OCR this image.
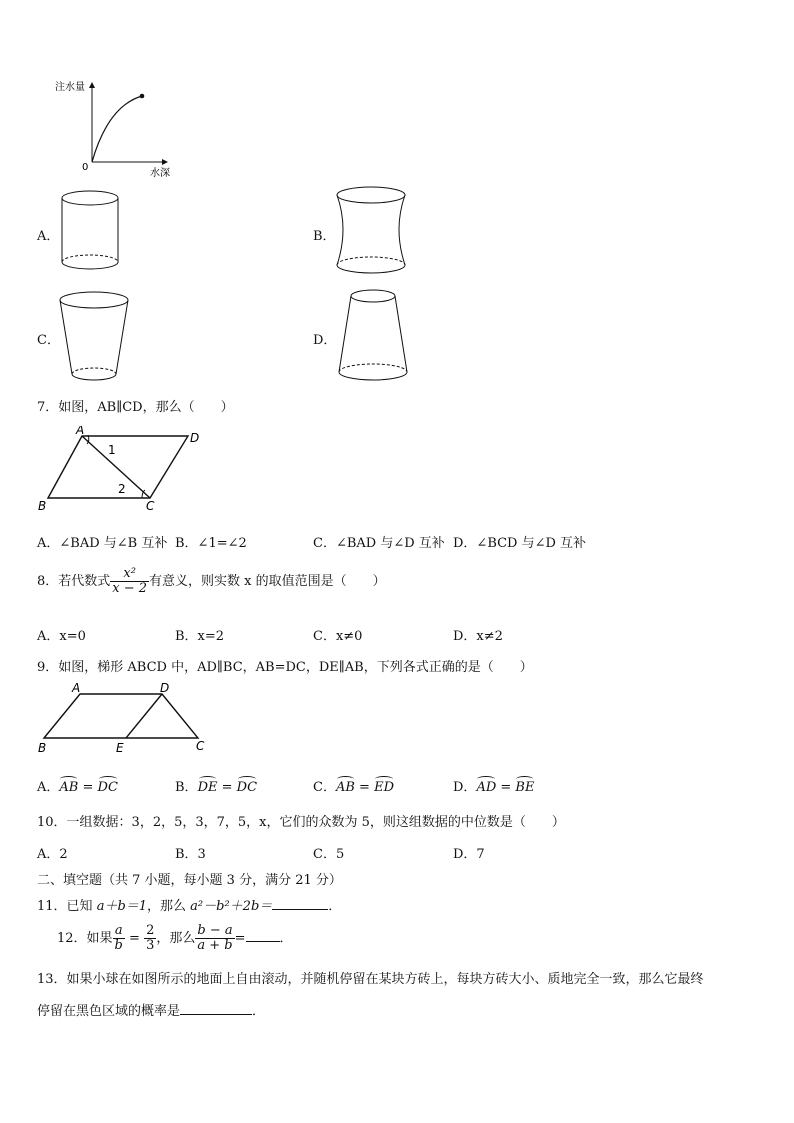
注水量
水深
0
A．	B．
C．	D．
7．如图，AB∥CD，那么（　　）
A
B	C
D
1
2
A．∠BAD 与∠B 互补 B．∠1=∠2	C．∠BAD 与∠D 互补 D．∠BCD 与∠D 互补
8．若代数式 $\frac{\text{x²}}{x - 2}$ 有意义，则实数 x 的取值范围是（　　）
A．x=0	B．x=2	C．x≠0	D．x≠2
9．如图，梯形 ABCD 中，AD∥BC，AB=DC，DE∥AB，下列各式正确的是（　　）
A	D
B	E	C
A．AB = DC	B．DE = DC	C．AB = ED	D．AD = BE
10．一组数据：3，2，5，3，7，5，x，它们的众数为 5，则这组数据的中位数是（　　）
A．2	B．3	C．5	D．7
二、填空题（共 7 小题，每小题 3 分，满分 21 分）
11．已知 a＋b＝1，那么 a²－b²＋2b＝	．
12．如果 $\frac{a}{b} = \frac{2}{3}$ ，那么 $\frac{b - a}{a + b}$ =	．
13．如果小球在如图所示的地面上自由滚动，并随机停留在某块方砖上，每块方砖大小、质地完全一致，那么它最终
停留在黑色区域的概率是	．
